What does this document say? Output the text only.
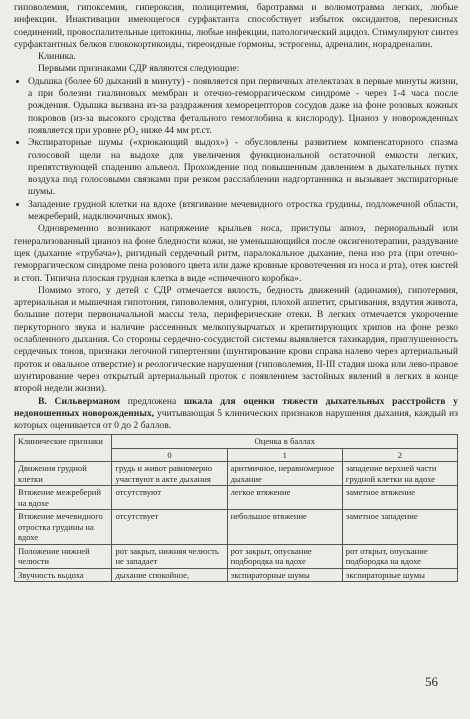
гиповолемия, гипоксемия, гипероксия, полицитемия, баротравма и волюмотравма легких, любые инфекции. Инактивации имеющегося сурфактанта способствует избыток оксидантов, перекисных соединений, провоспалительные цитокины, любые инфекции, патологический ацидоз. Стимулируют синтез сурфактантных белков глюкокортикоиды, тиреоидные гормоны, эстрогены, адреналин, норадреналин.

Клиника.

Первыми признаками СДР являются следующие:

• Одышка (более 60 дыханий в минуту) - появляется при первичных ателектазах в первые минуты жизни, а при болезни гиалиновых мембран и отечно-геморрагическом синдроме - через 1-4 часа после рождения. Одышка вызвана из-за раздражения хеморецепторов сосудов даже на фоне розовых кожных покровов (из-за высокого сродства фетального гемоглобина к кислороду). Цианоз у новорожденных появляется при уровне pO₂ ниже 44 мм рт.ст.
• Экспираторные шумы («хрюкающий выдох») - обусловлены развитием компенсаторного спазма голосовой щели на выдохе для увеличения функциональной остаточной емкости легких, препятствующей спадению альвеол. Прохождение под повышенным давлением в дыхательных путях воздуха под голосовыми связками при резком расслаблении надгортанника и вызывает экспираторные шумы.
• Западение грудной клетки на вдохе (втягивание мечевидного отростка грудины, подложечной области, межреберий, надключичных ямок).

Одновременно возникают напряжение крыльев носа, приступы апноэ, периоральный или генерализованный цианоз на фоне бледности кожи, не уменьшающийся после оксигенотерапии, раздувание щек (дыхание «трубача»), ригидный сердечный ритм, паралокальное дыхание, пена изо рта (при отечно-геморрагическом синдроме пена розового цвета или даже кровные кровотечения из носа и рта), отек кистей и стоп. Типична плоская грудная клетка в виде «спичечного коробка».

Помимо этого, у детей с СДР отмечается вялость, бедность движений (адинамия), гипотермия, артериальная и мышечная гипотония, гиповолемия, олигурия, плохой аппетит, срыгивания, вздутия живота, большие потери первоначальной массы тела, периферические отеки. В легких отмечается укорочение перкуторного звука и наличие рассеянных мелкопузырчатых и крепитирующих хрипов на фоне резко ослабленного дыхания. Со стороны сердечно-сосудистой системы выявляется тахикардия, приглушенность сердечных тонов, признаки легочной гипертензии (шунтирование крови справа налево через артериальный проток и овальное отверстие) и реологические нарушения (гиповолемия, II-III стадия шока или лево-правое шунтирование через открытый артериальный проток с появлением застойных явлений в легких в конце второй недели жизни).

В. Сильверманом предложена шкала для оценки тяжести дыхательных расстройств у недоношенных новорожденных, учитывающая 5 клинических признаков нарушения дыхания, каждый из которых оценивается от 0 до 2 баллов.

Клинические признаки	Оценка в баллах		
	0	1	2
Движения грудной клетки	грудь и живот равномерно участвуют в акте дыхания	аритмичное, неравномерное дыхание	западение верхней части грудной клетки на вдохе
Втяжение межреберий на вдохе	отсутствуют	легкое втяжение	заметное втяжение
Втяжение мечевидного отростка грудины на вдохе	отсутствует	небольшое втяжение	заметное западение
Положение нижней челюсти	рот закрыт, нижняя челюсть не западает	рот закрыт, опускание подбородка на вдохе	рот открыт, опускание подбородка на вдохе
Звучность выдоха	дыхание спокойное,	экспираторные шумы	экспираторные шумы
56
